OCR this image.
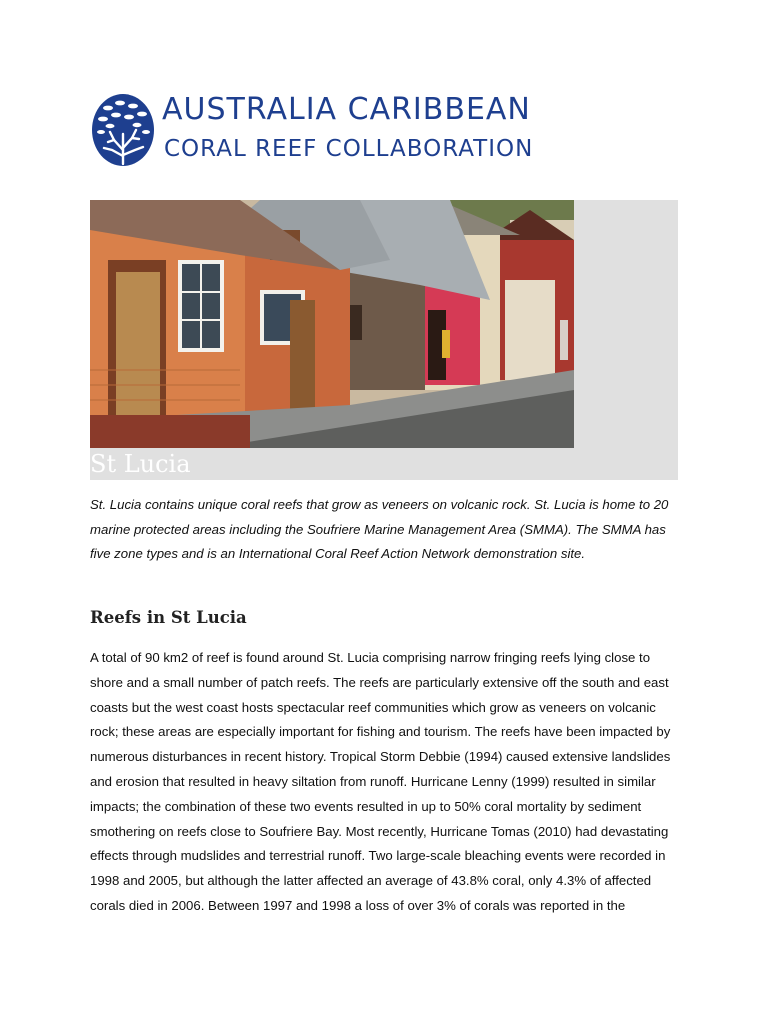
AUSTRALIA CARIBBEAN
CORAL REEF COLLABORATION
St Lucia

St. Lucia contains unique coral reefs that grow as veneers on volcanic rock. St. Lucia is home to 20 marine protected areas including the Soufriere Marine Management Area (SMMA). The SMMA has five zone types and is an International Coral Reef Action Network demonstration site.

Reefs in St Lucia

A total of 90 km2 of reef is found around St. Lucia comprising narrow fringing reefs lying close to shore and a small number of patch reefs. The reefs are particularly extensive off the south and east coasts but the west coast hosts spectacular reef communities which grow as veneers on volcanic rock; these areas are especially important for fishing and tourism. The reefs have been impacted by numerous disturbances in recent history. Tropical Storm Debbie (1994) caused extensive landslides and erosion that resulted in heavy siltation from runoff. Hurricane Lenny (1999) resulted in similar impacts; the combination of these two events resulted in up to 50% coral mortality by sediment smothering on reefs close to Soufriere Bay. Most recently, Hurricane Tomas (2010) had devastating effects through mudslides and terrestrial runoff. Two large-scale bleaching events were recorded in 1998 and 2005, but although the latter affected an average of 43.8% coral, only 4.3% of affected corals died in 2006. Between 1997 and 1998 a loss of over 3% of corals was reported in the
